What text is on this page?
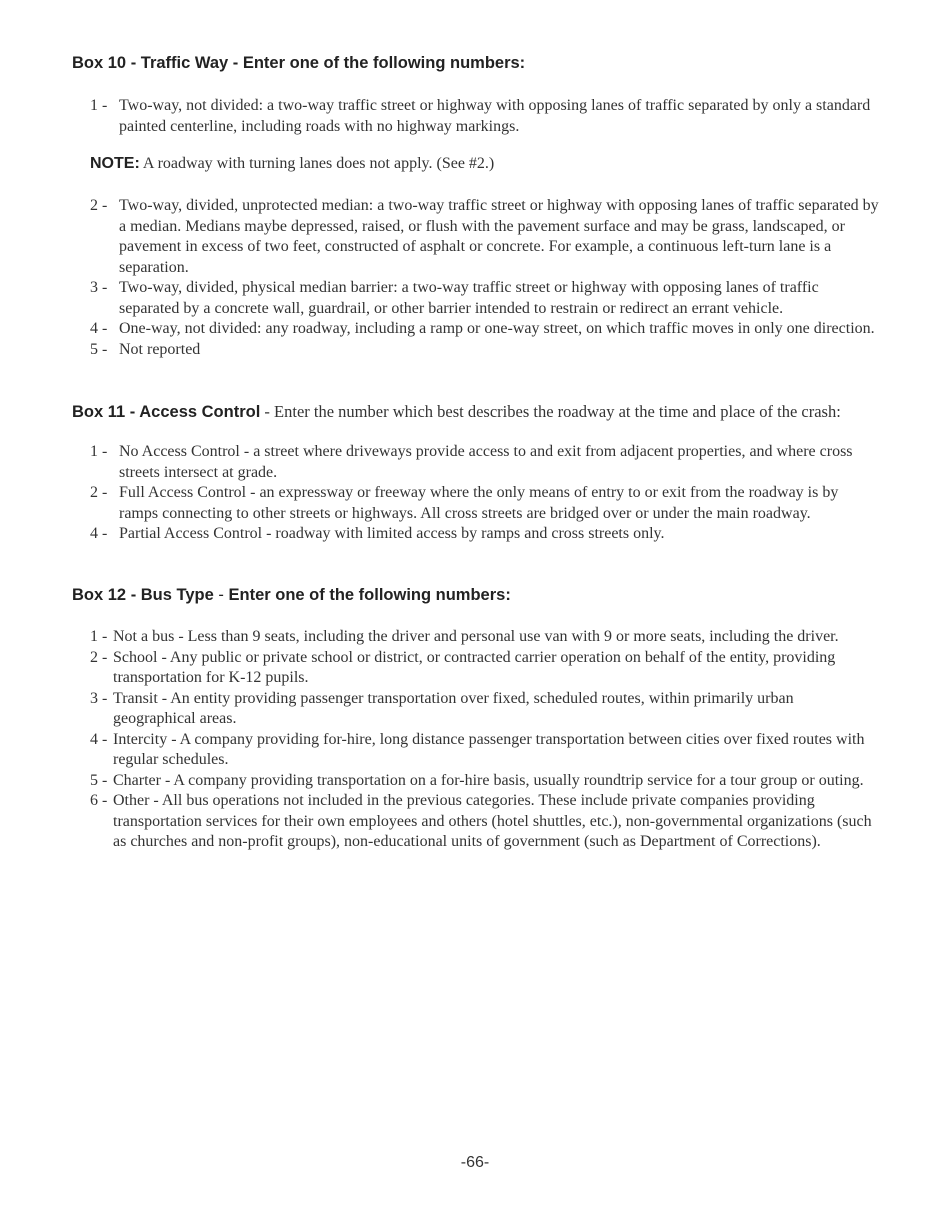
Box 10 - Traffic Way - Enter one of the following numbers:
1 - Two-way, not divided: a two-way traffic street or highway with opposing lanes of traffic separated by only a standard painted centerline, including roads with no highway markings.
NOTE: A roadway with turning lanes does not apply. (See #2.)
2 - Two-way, divided, unprotected median: a two-way traffic street or highway with opposing lanes of traffic separated by a median. Medians maybe depressed, raised, or flush with the pavement surface and may be grass, landscaped, or pavement in excess of two feet, constructed of asphalt or concrete. For example, a continuous left-turn lane is a separation.
3 - Two-way, divided, physical median barrier: a two-way traffic street or highway with opposing lanes of traffic separated by a concrete wall, guardrail, or other barrier intended to restrain or redirect an errant vehicle.
4 - One-way, not divided: any roadway, including a ramp or one-way street, on which traffic moves in only one direction.
5 - Not reported
Box 11 - Access Control - Enter the number which best describes the roadway at the time and place of the crash:
1 - No Access Control - a street where driveways provide access to and exit from adjacent properties, and where cross streets intersect at grade.
2 - Full Access Control - an expressway or freeway where the only means of entry to or exit from the roadway is by ramps connecting to other streets or highways. All cross streets are bridged over or under the main roadway.
4 - Partial Access Control - roadway with limited access by ramps and cross streets only.
Box 12 - Bus Type - Enter one of the following numbers:
1 - Not a bus - Less than 9 seats, including the driver and personal use van with 9 or more seats, including the driver.
2 - School - Any public or private school or district, or contracted carrier operation on behalf of the entity, providing transportation for K-12 pupils.
3 - Transit - An entity providing passenger transportation over fixed, scheduled routes, within primarily urban geographical areas.
4 - Intercity - A company providing for-hire, long distance passenger transportation between cities over fixed routes with regular schedules.
5 - Charter - A company providing transportation on a for-hire basis, usually roundtrip service for a tour group or outing.
6 - Other - All bus operations not included in the previous categories. These include private companies providing transportation services for their own employees and others (hotel shuttles, etc.), non-governmental organizations (such as churches and non-profit groups), non-educational units of government (such as Department of Corrections).
-66-
